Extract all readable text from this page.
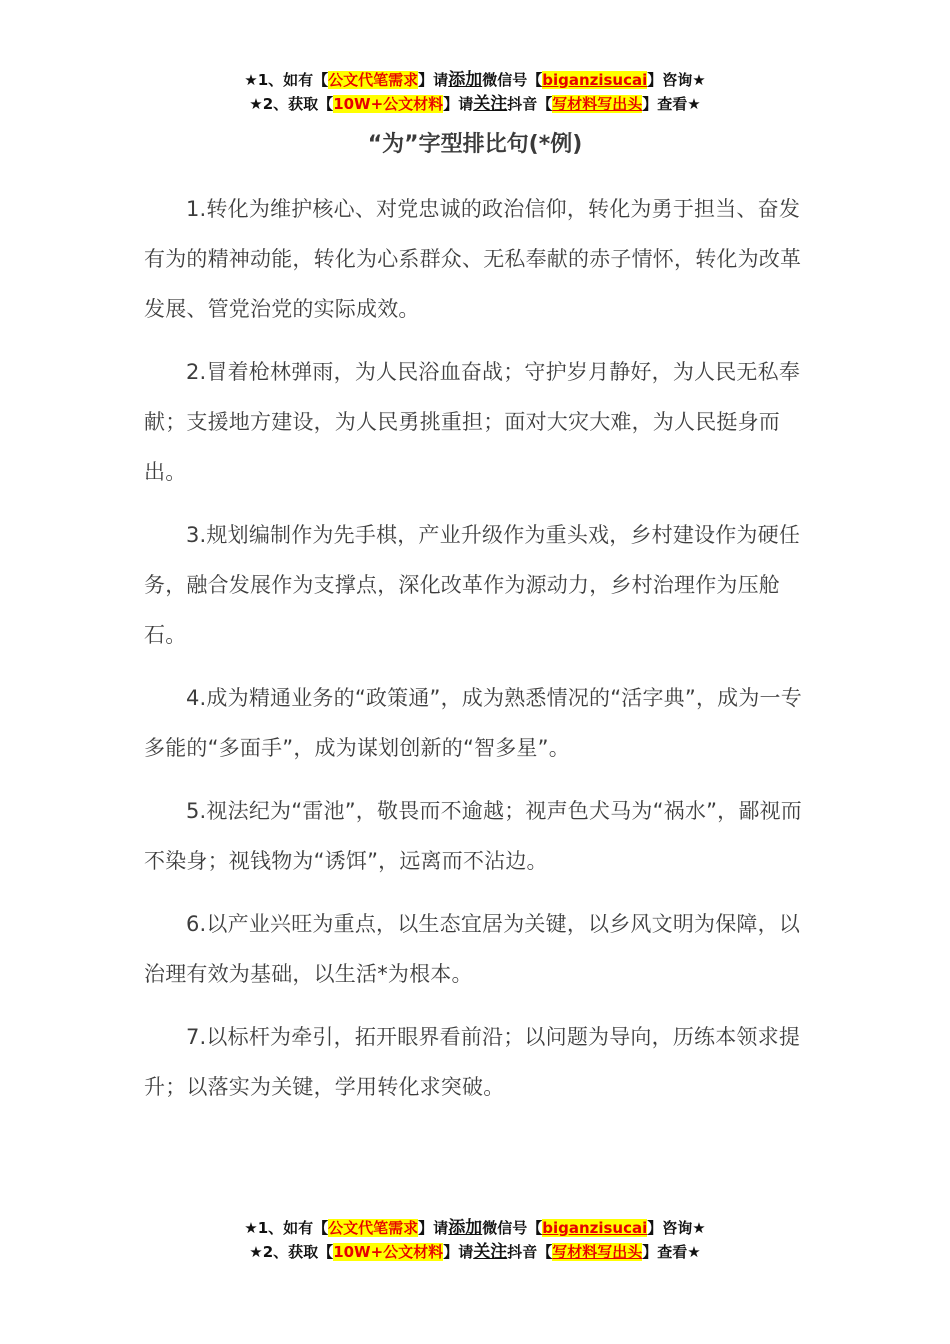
★1、如有【公文代笔需求】请添加微信号【biganzisucai】咨询★
★2、获取【10W+公文材料】请关注抖音【写材料写出头】查看★
“为”字型排比句(*例)

1.转化为维护核心、对党忠诚的政治信仰，转化为勇于担当、奋发有为的精神动能，转化为心系群众、无私奉献的赤子情怀，转化为改革发展、管党治党的实际成效。

2.冒着枪林弹雨，为人民浴血奋战；守护岁月静好，为人民无私奉献；支援地方建设，为人民勇挑重担；面对大灾大难，为人民挺身而出。

3.规划编制作为先手棋，产业升级作为重头戏，乡村建设作为硬任务，融合发展作为支撑点，深化改革作为源动力，乡村治理作为压舱石。

4.成为精通业务的“政策通”，成为熟悉情况的“活字典”，成为一专多能的“多面手”，成为谋划创新的“智多星”。

5.视法纪为“雷池”，敬畏而不逾越；视声色犬马为“祸水”，鄙视而不染身；视钱物为“诱饵”，远离而不沾边。

6.以产业兴旺为重点，以生态宜居为关键，以乡风文明为保障，以治理有效为基础，以生活*为根本。

7.以标杆为牵引，拓开眼界看前沿；以问题为导向，历练本领求提升；以落实为关键，学用转化求突破。

★1、如有【公文代笔需求】请添加微信号【biganzisucai】咨询★
★2、获取【10W+公文材料】请关注抖音【写材料写出头】查看★
